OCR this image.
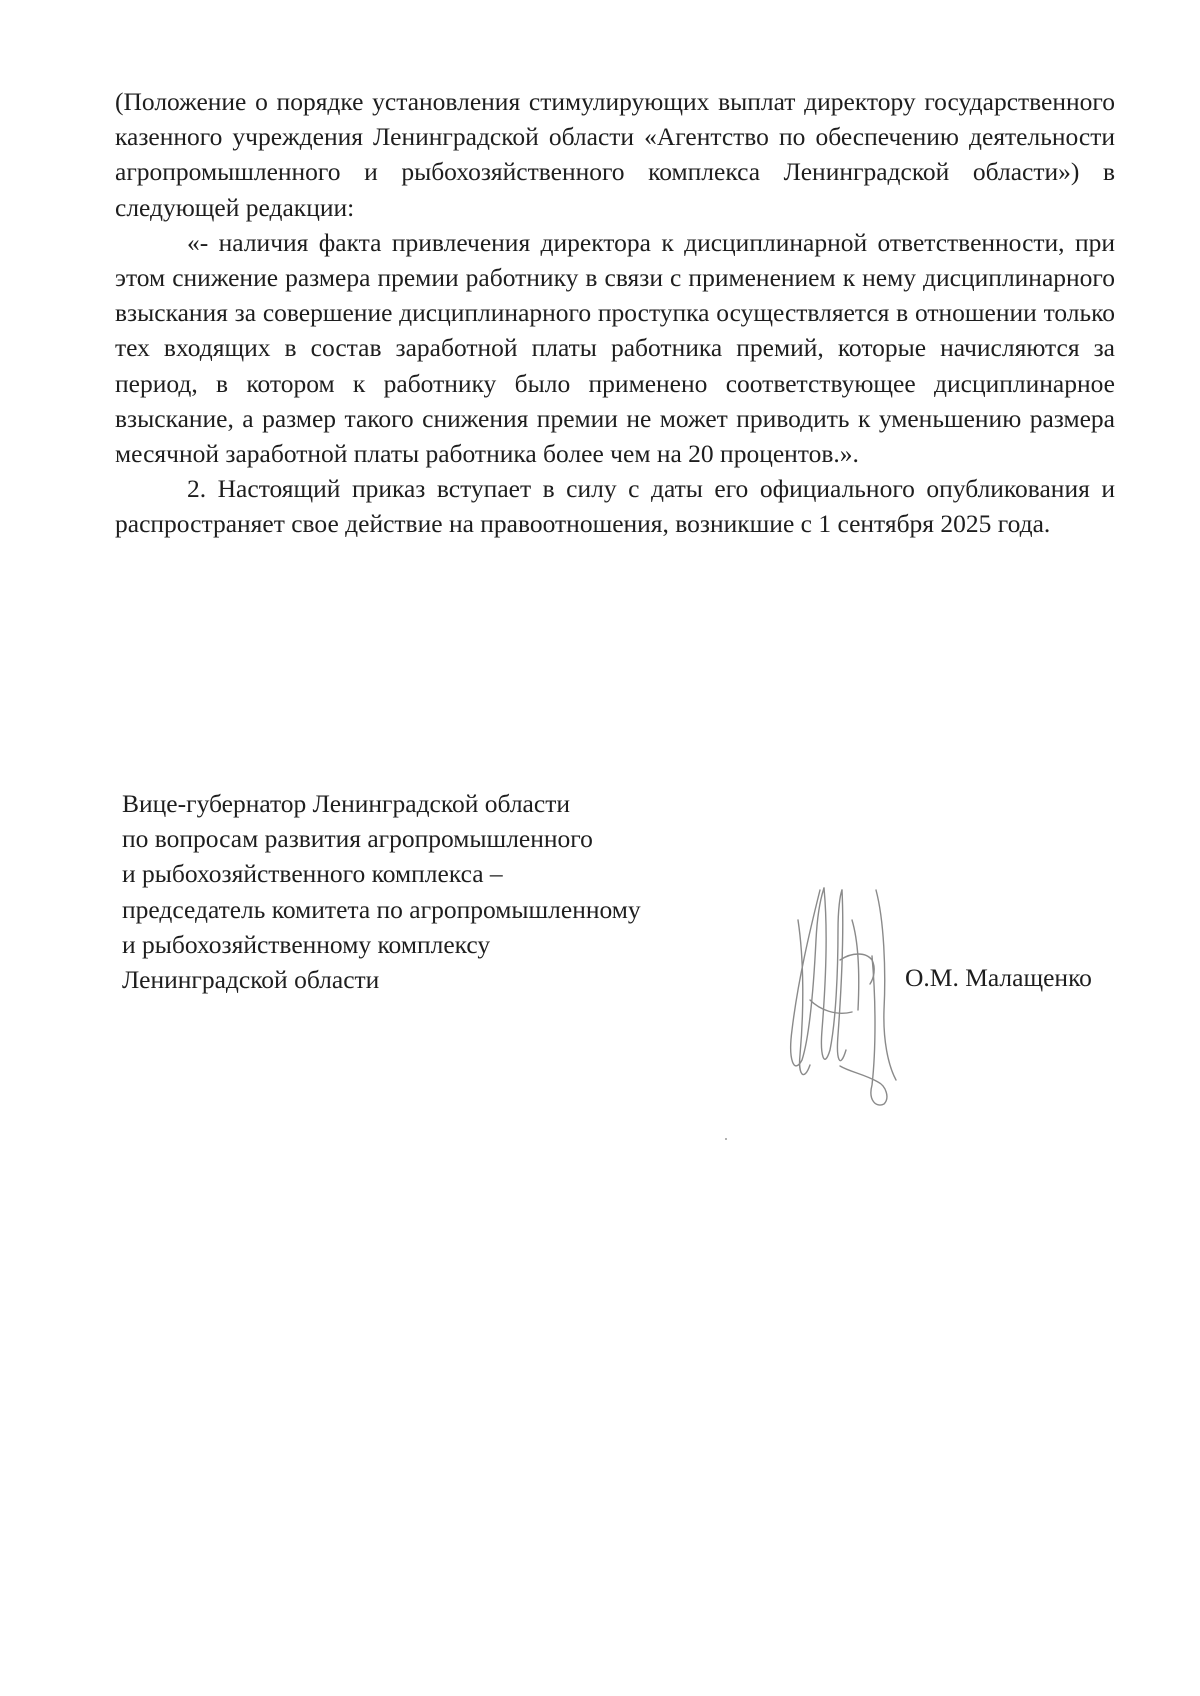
(Положение о порядке установления стимулирующих выплат директору государственного казенного учреждения Ленинградской области «Агентство по обеспечению деятельности агропромышленного и рыбохозяйственного комплекса Ленинградской области») в следующей редакции:

«- наличия факта привлечения директора к дисциплинарной ответственности, при этом снижение размера премии работнику в связи с применением к нему дисциплинарного взыскания за совершение дисциплинарного проступка осуществляется в отношении только тех входящих в состав заработной платы работника премий, которые начисляются за период, в котором к работнику было применено соответствующее дисциплинарное взыскание, а размер такого снижения премии не может приводить к уменьшению размера месячной заработной платы работника более чем на 20 процентов.».

2. Настоящий приказ вступает в силу с даты его официального опубликования и распространяет свое действие на правоотношения, возникшие с 1 сентября 2025 года.

Вице-губернатор Ленинградской области
по вопросам развития агропромышленного
и рыбохозяйственного комплекса –
председатель комитета по агропромышленному
и рыбохозяйственному комплексу
Ленинградской области	О.М. Малащенко
